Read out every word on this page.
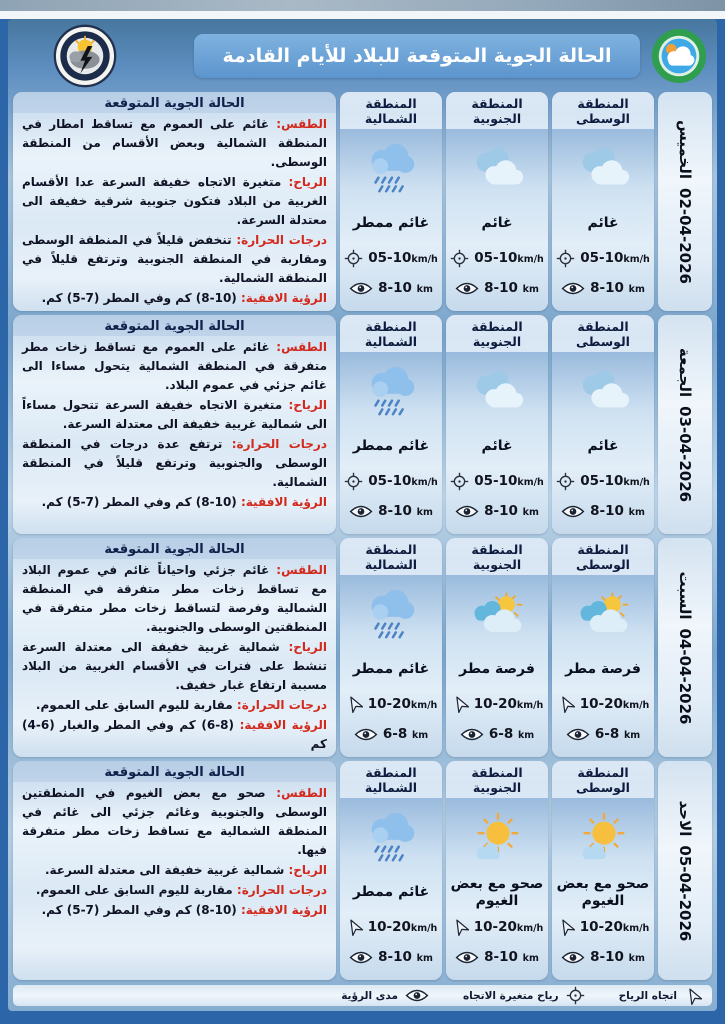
الحالة الجوية المتوقعة للبلاد للأيام القادمة
الحالة الجوية المتوقعة

الطقس: غائم على العموم مع تساقط امطار في المنطقة الشمالية وبعض الأقسام من المنطقة الوسطى.

الرياح: متغيرة الاتجاه خفيفة السرعة عدا الأقسام الغربية من البلاد فتكون جنوبية شرقية خفيفة الى معتدلة السرعة.

درجات الحرارة: تنخفض قليلاً في المنطقة الوسطى ومقاربة في المنطقة الجنوبية وترتفع قليلاً في المنطقة الشمالية.

الرؤية الافقية: (10-8) كم وفي المطر (7-5) كم.

المنطقة الشمالية
غائم ممطر
05-10km/h
8-10 km
المنطقة الجنوبية
غائم
05-10km/h
8-10 km
المنطقة الوسطى
غائم
05-10km/h
8-10 km
الخميس
02-04-2026
الحالة الجوية المتوقعة

الطقس: غائم على العموم مع تساقط زخات مطر متفرقة في المنطقة الشمالية يتحول مساءا الى غائم جزئي في عموم البلاد.

الرياح: متغيرة الاتجاه خفيفة السرعة تتحول مساءاً الى شمالية غربية خفيفة الى معتدلة السرعة.

درجات الحرارة: ترتفع عدة درجات في المنطقة الوسطى والجنوبية وترتفع قليلاً في المنطقة الشمالية.

الرؤية الافقية: (10-8) كم وفي المطر (7-5) كم.

المنطقة الشمالية
غائم ممطر
05-10km/h
8-10 km
المنطقة الجنوبية
غائم
05-10km/h
8-10 km
المنطقة الوسطى
غائم
05-10km/h
8-10 km
الجمعة
03-04-2026
الحالة الجوية المتوقعة

الطقس: غائم جزئي واحياناً غائم في عموم البلاد مع تساقط زخات مطر متفرقة في المنطقة الشمالية وفرصة لتساقط زخات مطر متفرقة في المنطقتين الوسطى والجنوبية.

الرياح: شمالية غربية خفيفة الى معتدلة السرعة تنشط على فترات في الأقسام الغربية من البلاد مسببة ارتفاع غبار خفيف.

درجات الحرارة: مقاربة لليوم السابق على العموم.

الرؤية الافقية: (8-6) كم وفي المطر والغبار (6-4) كم

المنطقة الشمالية
غائم ممطر
10-20km/h
6-8 km
المنطقة الجنوبية
فرصة مطر
10-20km/h
6-8 km
المنطقة الوسطى
فرصة مطر
10-20km/h
6-8 km
السبت
04-04-2026
الحالة الجوية المتوقعة

الطقس: صحو مع بعض الغيوم في المنطقتين الوسطى والجنوبية وغائم جزئي الى غائم في المنطقة الشمالية مع تساقط زخات مطر متفرقة فيها.

الرياح: شمالية غربية خفيفة الى معتدلة السرعة.

درجات الحرارة: مقاربة لليوم السابق على العموم.

الرؤية الافقية: (10-8) كم وفي المطر (7-5) كم.

المنطقة الشمالية
غائم ممطر
10-20km/h
8-10 km
المنطقة الجنوبية
صحو مع بعض الغيوم
10-20km/h
8-10 km
المنطقة الوسطى
صحو مع بعض الغيوم
10-20km/h
8-10 km
الاحد
05-04-2026
اتجاه الرياح
رياح متغيرة الاتجاه
مدى الرؤية
